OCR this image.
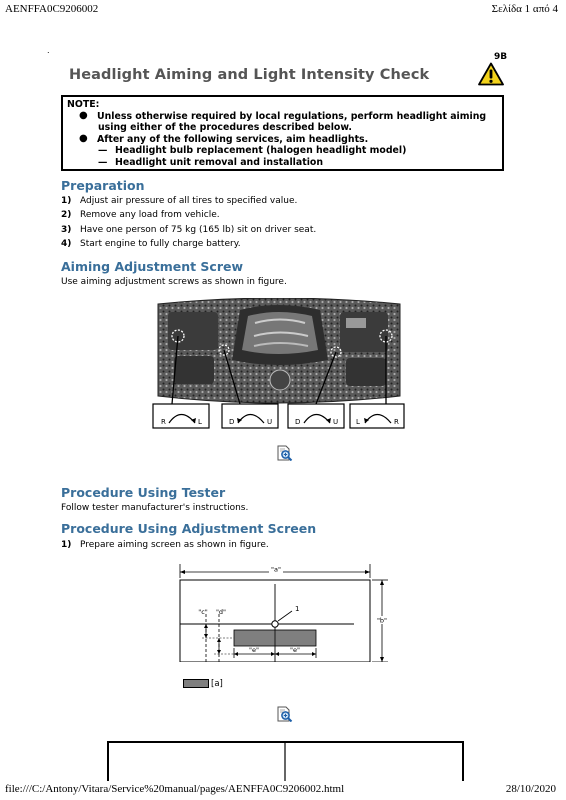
AENFFA0C9206002	Σελίδα 1 από 4
.
9B
Headlight Aiming and Light Intensity Check
NOTE:
● Unless otherwise required by local regulations, perform headlight aiming
using either of the procedures described below.
● After any of the following services, aim headlights.
— Headlight bulb replacement (halogen headlight model)
— Headlight unit removal and installation
Preparation
1) Adjust air pressure of all tires to specified value.
2) Remove any load from vehicle.
3) Have one person of 75 kg (165 lb) sit on driver seat.
4) Start engine to fully charge battery.
Aiming Adjustment Screw
Use aiming adjustment screws as shown in figure.
R	L	D	U	D	U	L	R
Procedure Using Tester
Follow tester manufacturer's instructions.
Procedure Using Adjustment Screen
1) Prepare aiming screen as shown in figure.
"a"
"b"
1
"c" "d"
"e"	"e"
[a]
file:///C:/Antony/Vitara/Service%20manual/pages/AENFFA0C9206002.html	28/10/2020
